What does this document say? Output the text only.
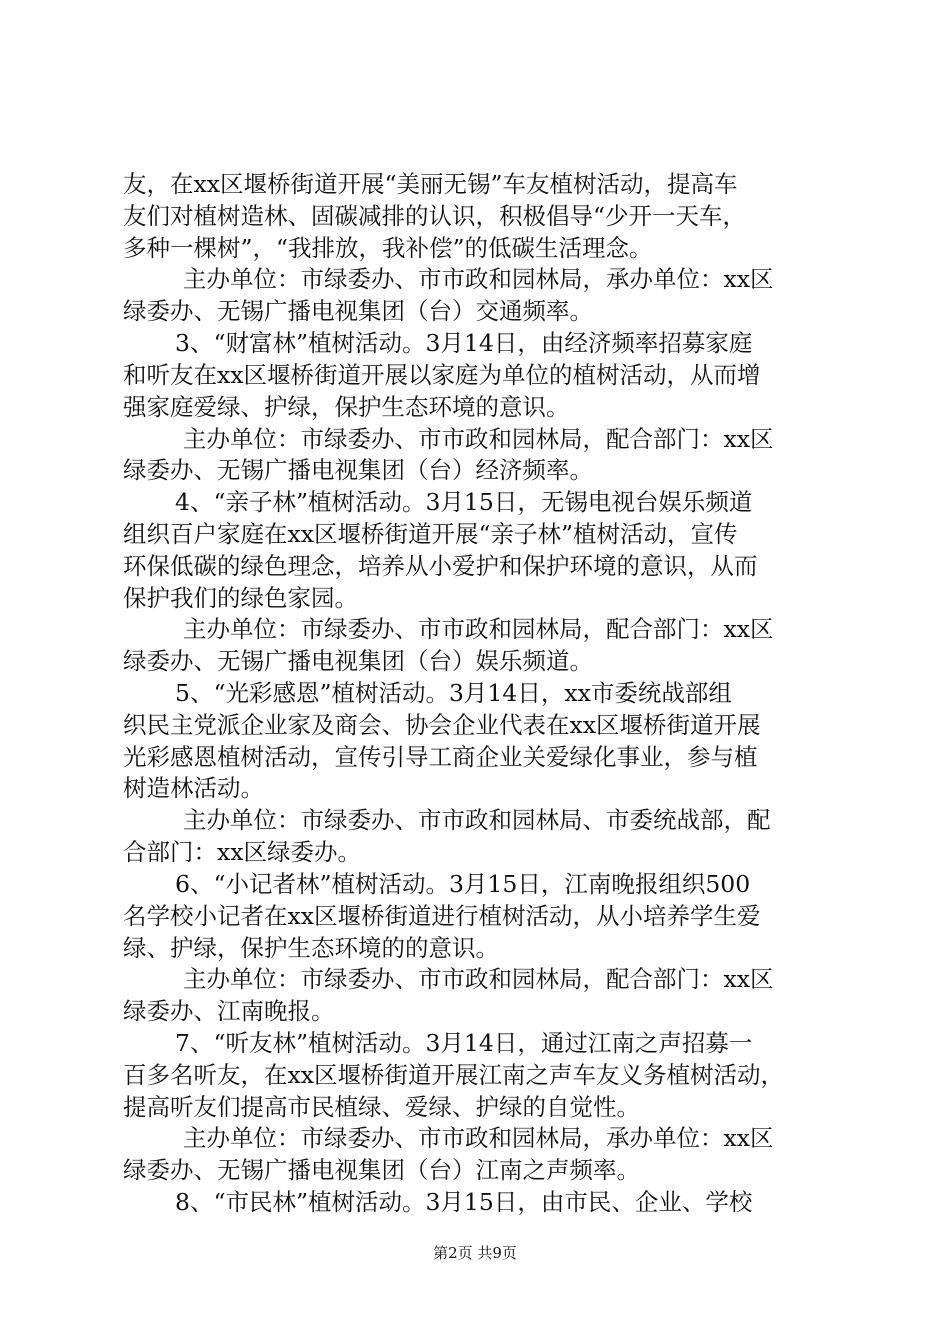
友，在xx区堰桥街道开展“美丽无锡”车友植树活动，提高车
友们对植树造林、固碳减排的认识，积极倡导“少开一天车，
多种一棵树”，“我排放，我补偿”的低碳生活理念。
主办单位：市绿委办、市市政和园林局，承办单位：xx区
绿委办、无锡广播电视集团（台）交通频率。
3、“财富林”植树活动。3月14日，由经济频率招募家庭
和听友在xx区堰桥街道开展以家庭为单位的植树活动，从而增
强家庭爱绿、护绿，保护生态环境的意识。
主办单位：市绿委办、市市政和园林局，配合部门：xx区
绿委办、无锡广播电视集团（台）经济频率。
4、“亲子林”植树活动。3月15日，无锡电视台娱乐频道
组织百户家庭在xx区堰桥街道开展“亲子林”植树活动，宣传
环保低碳的绿色理念，培养从小爱护和保护环境的意识，从而
保护我们的绿色家园。
主办单位：市绿委办、市市政和园林局，配合部门：xx区
绿委办、无锡广播电视集团（台）娱乐频道。
5、“光彩感恩”植树活动。3月14日，xx市委统战部组
织民主党派企业家及商会、协会企业代表在xx区堰桥街道开展
光彩感恩植树活动，宣传引导工商企业关爱绿化事业，参与植
树造林活动。
主办单位：市绿委办、市市政和园林局、市委统战部，配
合部门：xx区绿委办。
6、“小记者林”植树活动。3月15日，江南晚报组织500
名学校小记者在xx区堰桥街道进行植树活动，从小培养学生爱
绿、护绿，保护生态环境的的意识。
主办单位：市绿委办、市市政和园林局，配合部门：xx区
绿委办、江南晚报。
7、“听友林”植树活动。3月14日，通过江南之声招募一
百多名听友，在xx区堰桥街道开展江南之声车友义务植树活动，
提高听友们提高市民植绿、爱绿、护绿的自觉性。
主办单位：市绿委办、市市政和园林局，承办单位：xx区
绿委办、无锡广播电视集团（台）江南之声频率。
8、“市民林”植树活动。3月15日，由市民、企业、学校
第2页 共9页
